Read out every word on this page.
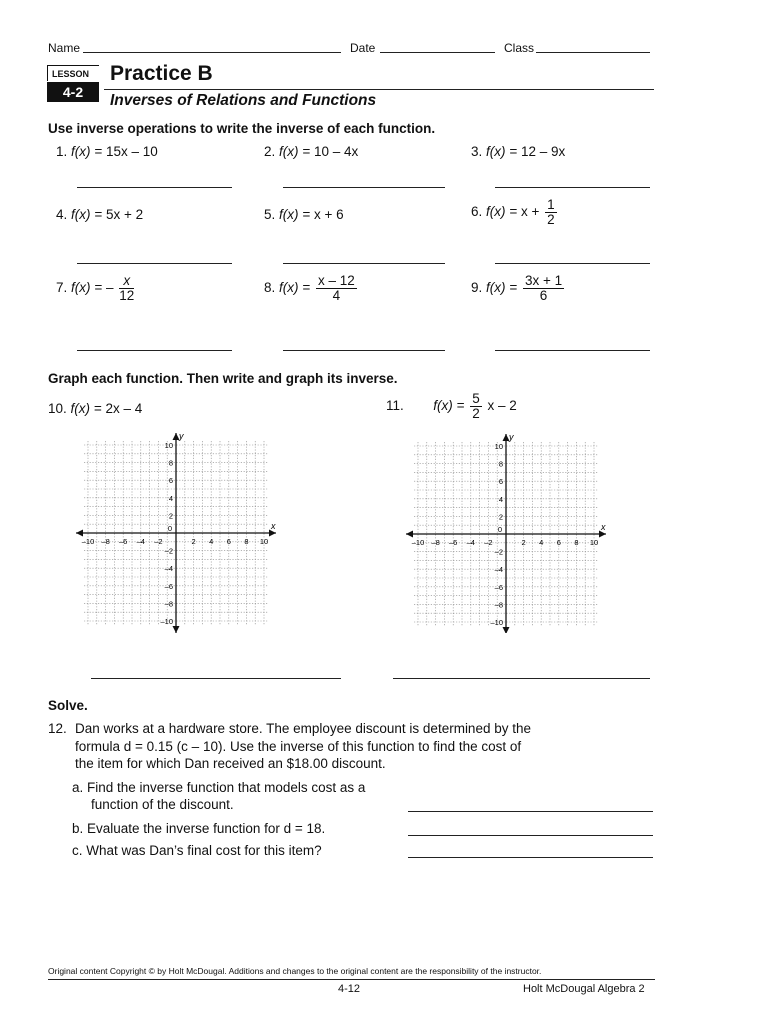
Name	Date	Class
LESSON
4-2
Practice B
Inverses of Relations and Functions
Use inverse operations to write the inverse of each function.
1. f(x) = 15x – 10	2. f(x) = 10 – 4x	3. f(x) = 12 – 9x
4. f(x) = 5x + 2	5. f(x) = x + 6	6. $f(x) = x + \frac{1}{2}$
7. f(x) = – $\frac{x}{12}$	8. $f(x) = \frac{x - 12}{4}$	9. $f(x) = \frac{3x + 1}{6}$
Graph each function. Then write and graph its inverse.
10. f(x) = 2x – 4	11. $f(x) = \frac{5}{2}$ x – 2
x
y
–10 –8 –6 –4 –2
0
2 4 6 8 10
10
8
6
4
2
–2
–4
–6
–8
–10
x
y
–10 –8 –6 –4 –2
0
2 4 6 8 10
10
8
6
4
2
–2
–4
–6
–8
–10
Solve.
12. Dan works at a hardware store. The employee discount is determined by the
formula d = 0.15 (c – 10). Use the inverse of this function to find the cost of
the item for which Dan received an $18.00 discount.
a. Find the inverse function that models cost as a
function of the discount.
b. Evaluate the inverse function for d = 18.
c. What was Dan’s final cost for this item?
Original content Copyright © by Holt McDougal. Additions and changes to the original content are the responsibility of the instructor.
4-12	Holt McDougal Algebra 2
